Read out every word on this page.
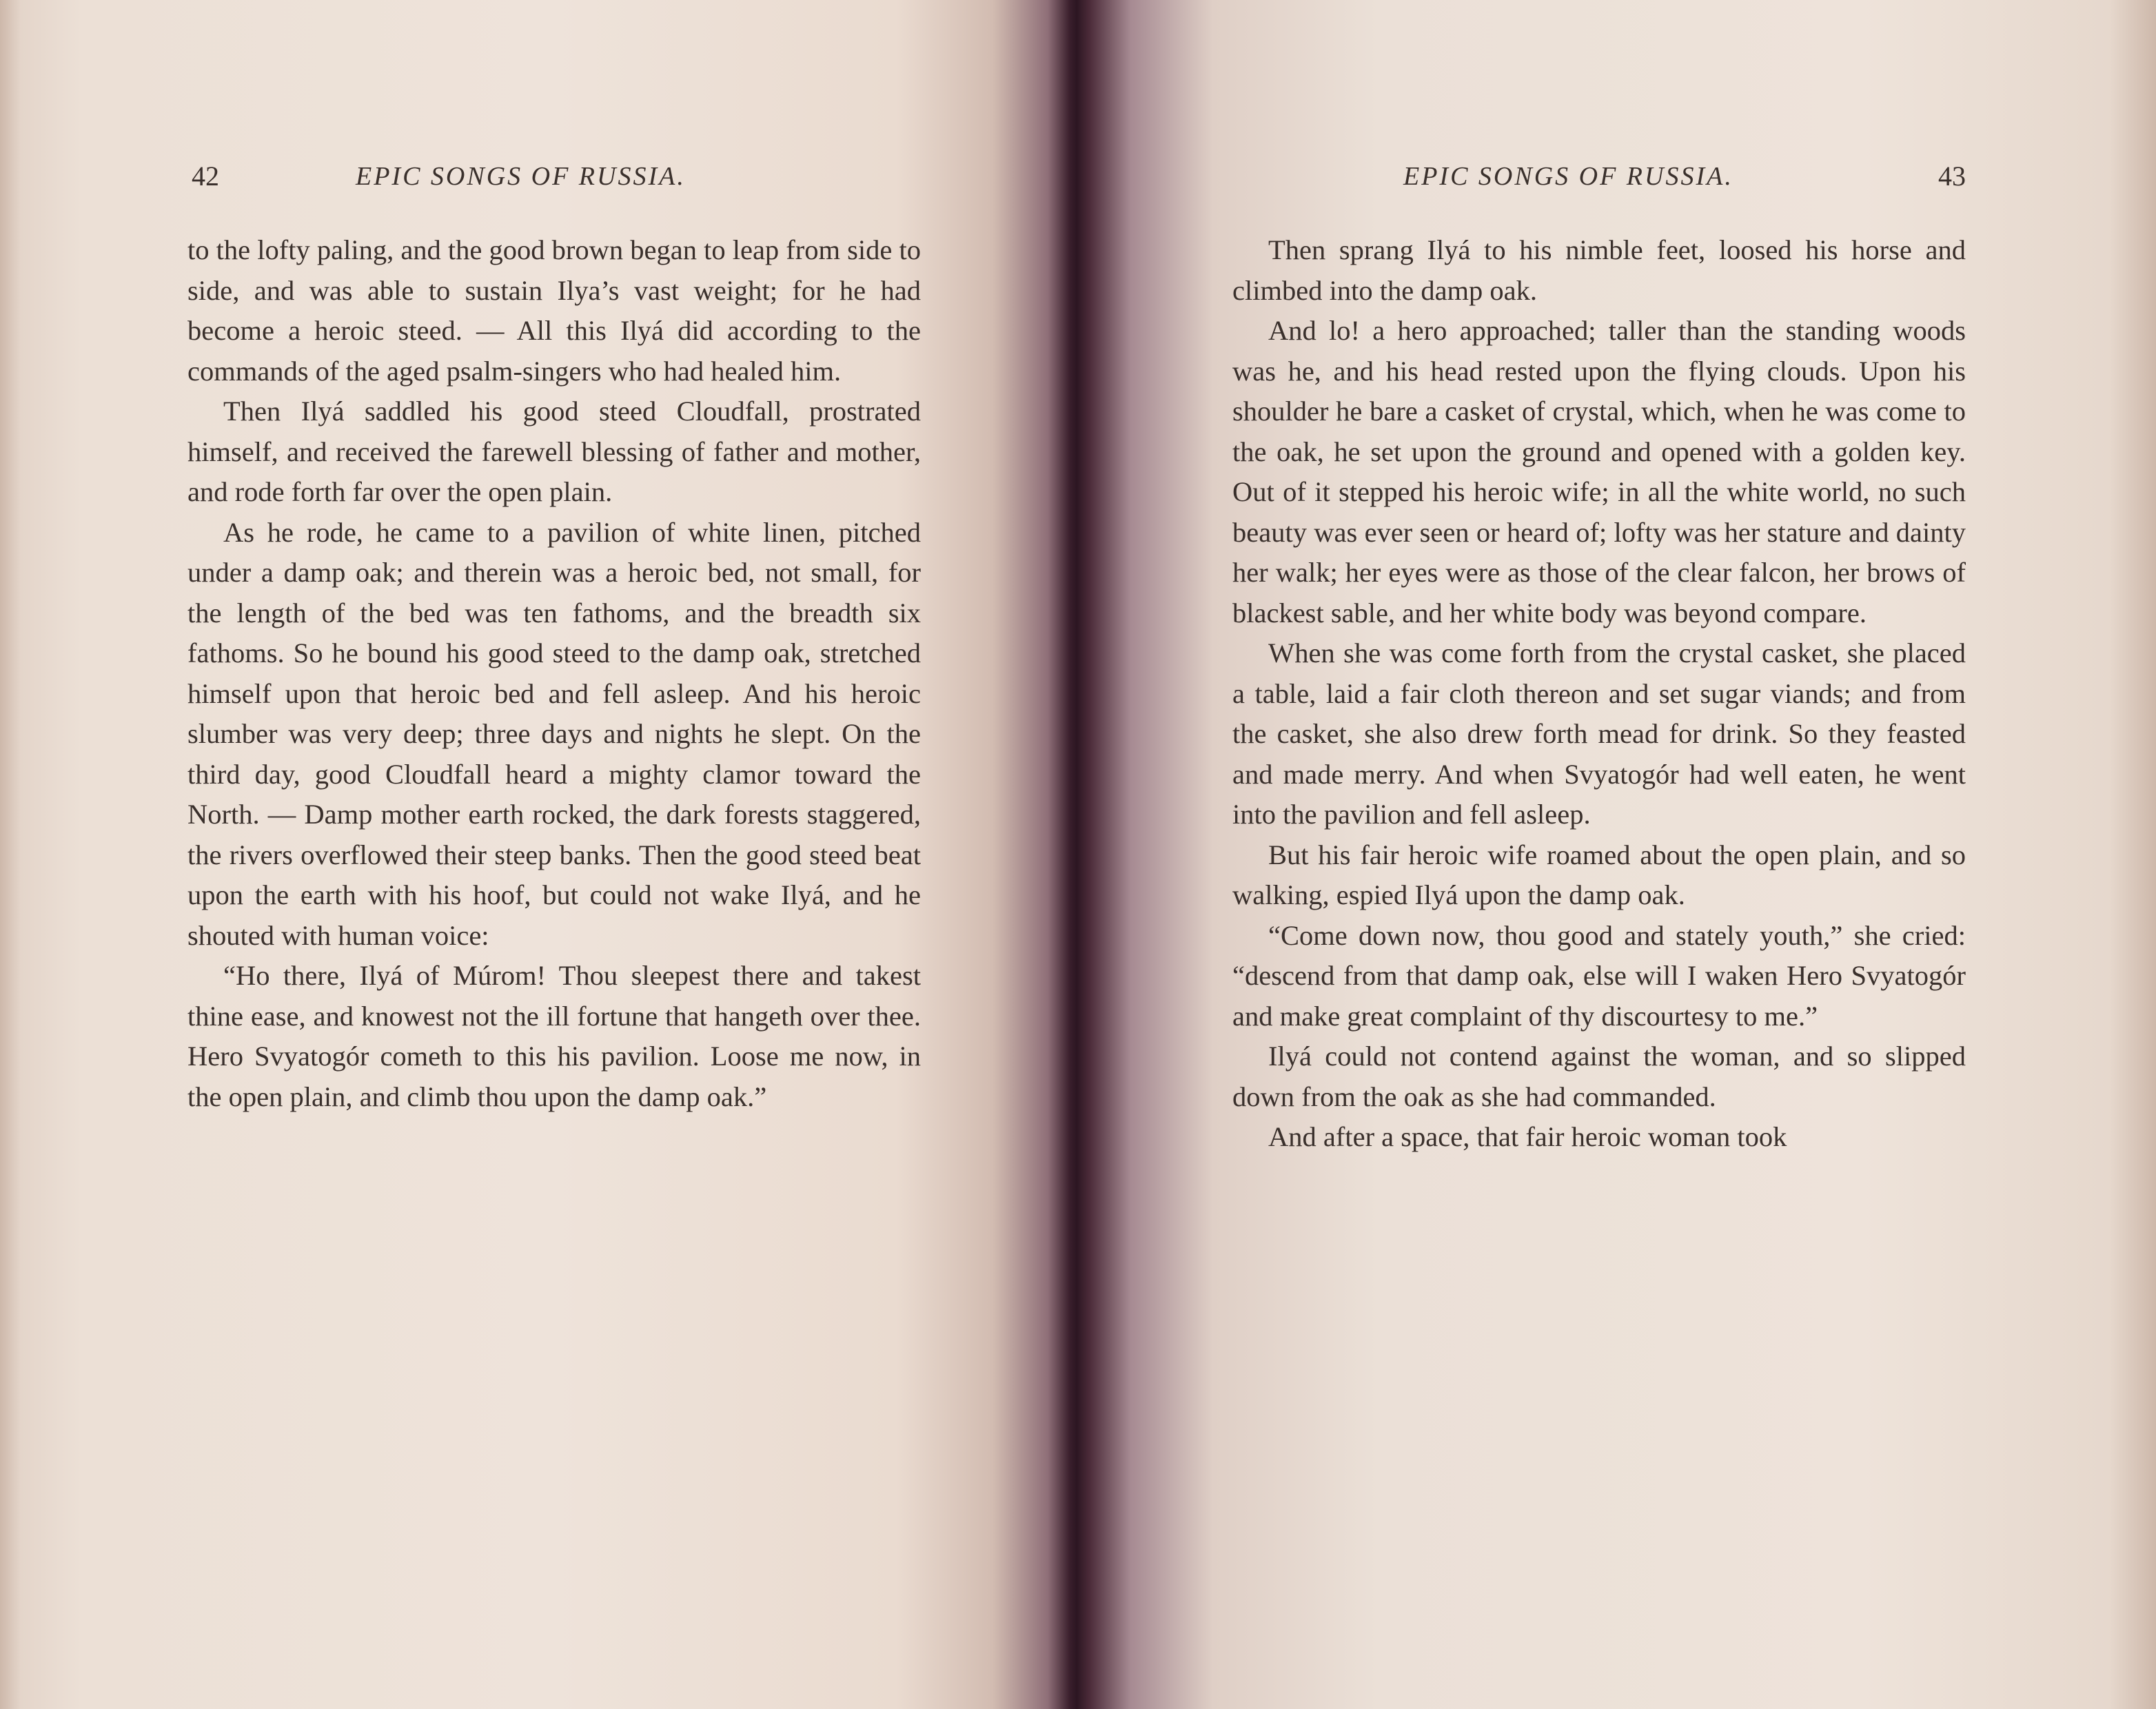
42	EPIC SONGS OF RUSSIA.

to the lofty paling, and the good brown began to leap from side to side, and was able to sustain Ilya’s vast weight; for he had become a heroic steed. — All this Ilyá did according to the commands of the aged psalm-singers who had healed him.

Then Ilyá saddled his good steed Cloudfall, prostrated himself, and received the farewell blessing of father and mother, and rode forth far over the open plain.

As he rode, he came to a pavilion of white linen, pitched under a damp oak; and therein was a heroic bed, not small, for the length of the bed was ten fathoms, and the breadth six fathoms. So he bound his good steed to the damp oak, stretched himself upon that heroic bed and fell asleep. And his heroic slumber was very deep; three days and nights he slept. On the third day, good Cloudfall heard a mighty clamor toward the North. — Damp mother earth rocked, the dark forests staggered, the rivers overflowed their steep banks. Then the good steed beat upon the earth with his hoof, but could not wake Ilyá, and he shouted with human voice:

“Ho there, Ilyá of Múrom! Thou sleepest there and takest thine ease, and knowest not the ill fortune that hangeth over thee. Hero Svyatogór cometh to this his pavilion. Loose me now, in the open plain, and climb thou upon the damp oak.”

EPIC SONGS OF RUSSIA.	43

Then sprang Ilyá to his nimble feet, loosed his horse and climbed into the damp oak.

And lo! a hero approached; taller than the standing woods was he, and his head rested upon the flying clouds. Upon his shoulder he bare a casket of crystal, which, when he was come to the oak, he set upon the ground and opened with a golden key. Out of it stepped his heroic wife; in all the white world, no such beauty was ever seen or heard of; lofty was her stature and dainty her walk; her eyes were as those of the clear falcon, her brows of blackest sable, and her white body was beyond compare.

When she was come forth from the crystal casket, she placed a table, laid a fair cloth thereon and set sugar viands; and from the casket, she also drew forth mead for drink. So they feasted and made merry. And when Svyatogór had well eaten, he went into the pavilion and fell asleep.

But his fair heroic wife roamed about the open plain, and so walking, espied Ilyá upon the damp oak.

“Come down now, thou good and stately youth,” she cried: “descend from that damp oak, else will I waken Hero Svyatogór and make great complaint of thy discourtesy to me.”

Ilyá could not contend against the woman, and so slipped down from the oak as she had commanded.

And after a space, that fair heroic woman took
